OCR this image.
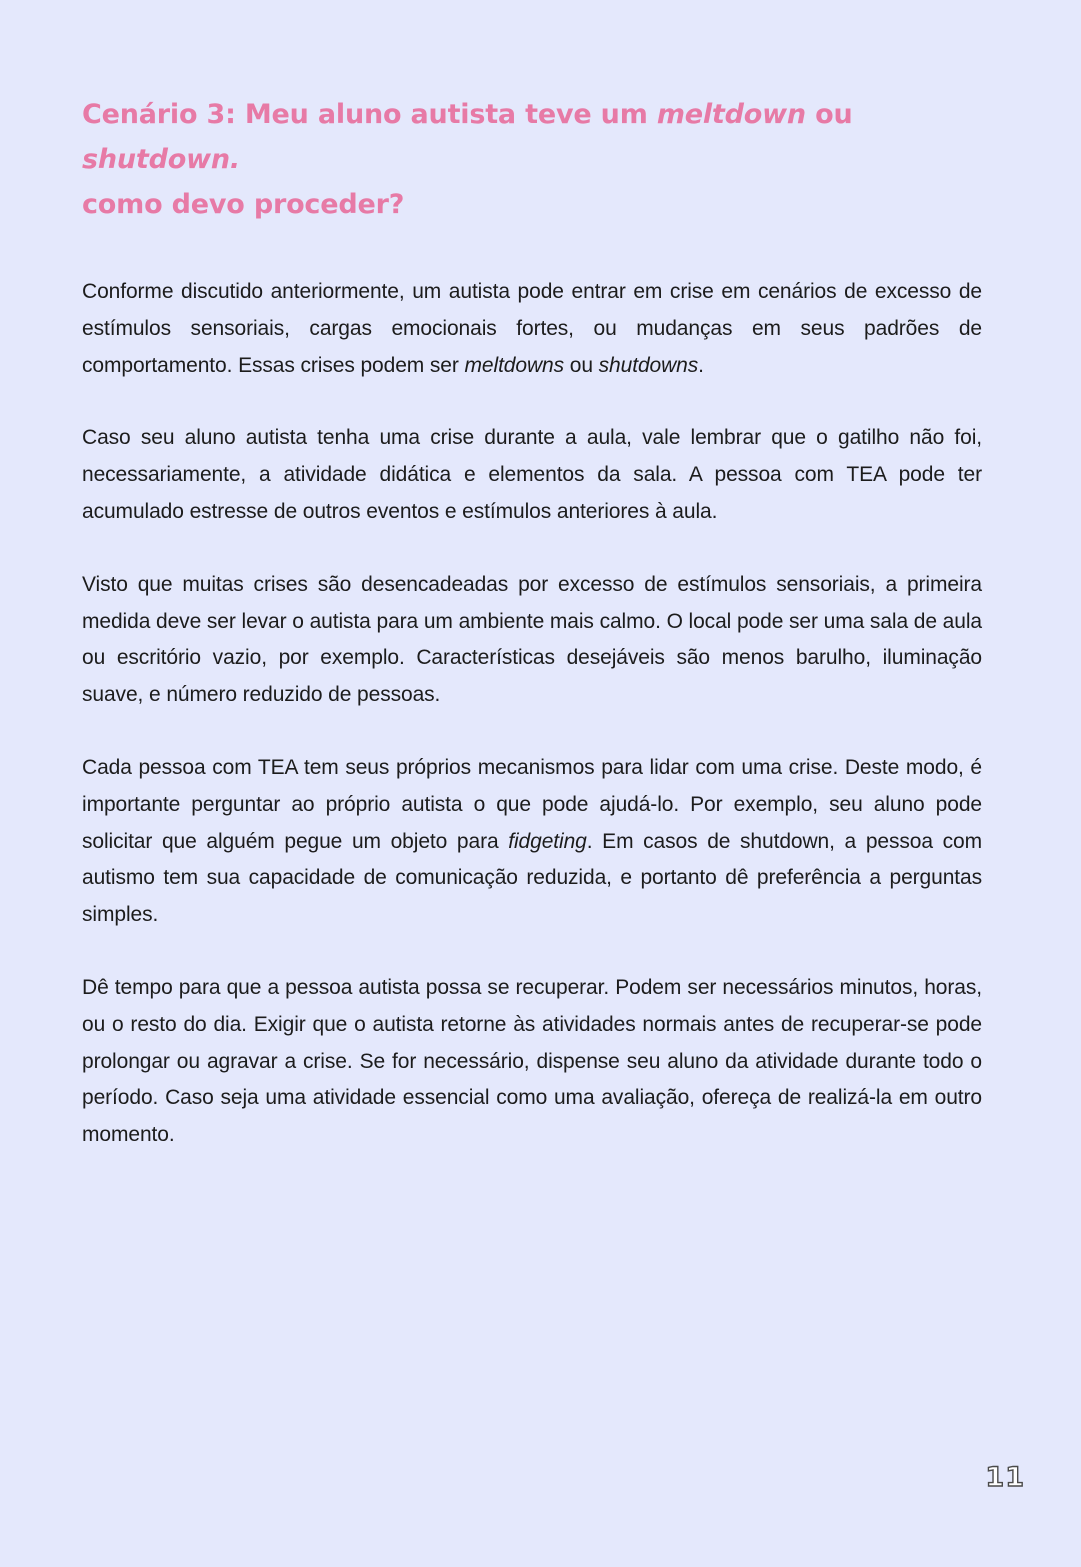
Cenário 3: Meu aluno autista teve um meltdown ou shutdown.
como devo proceder?

Conforme discutido anteriormente, um autista pode entrar em crise em cenários de excesso de estímulos sensoriais, cargas emocionais fortes, ou mudanças em seus padrões de comportamento. Essas crises podem ser meltdowns ou shutdowns.

Caso seu aluno autista tenha uma crise durante a aula, vale lembrar que o gatilho não foi, necessariamente, a atividade didática e elementos da sala. A pessoa com TEA pode ter acumulado estresse de outros eventos e estímulos anteriores à aula.

Visto que muitas crises são desencadeadas por excesso de estímulos sensoriais, a primeira medida deve ser levar o autista para um ambiente mais calmo. O local pode ser uma sala de aula ou escritório vazio, por exemplo. Características desejáveis são menos barulho, iluminação suave, e número reduzido de pessoas.

Cada pessoa com TEA tem seus próprios mecanismos para lidar com uma crise. Deste modo, é importante perguntar ao próprio autista o que pode ajudá-lo. Por exemplo, seu aluno pode solicitar que alguém pegue um objeto para fidgeting. Em casos de shutdown, a pessoa com autismo tem sua capacidade de comunicação reduzida, e portanto dê preferência a perguntas simples.

Dê tempo para que a pessoa autista possa se recuperar. Podem ser necessários minutos, horas, ou o resto do dia. Exigir que o autista retorne às atividades normais antes de recuperar-se pode prolongar ou agravar a crise. Se for necessário, dispense seu aluno da atividade durante todo o período. Caso seja uma atividade essencial como uma avaliação, ofereça de realizá-la em outro momento.

11
